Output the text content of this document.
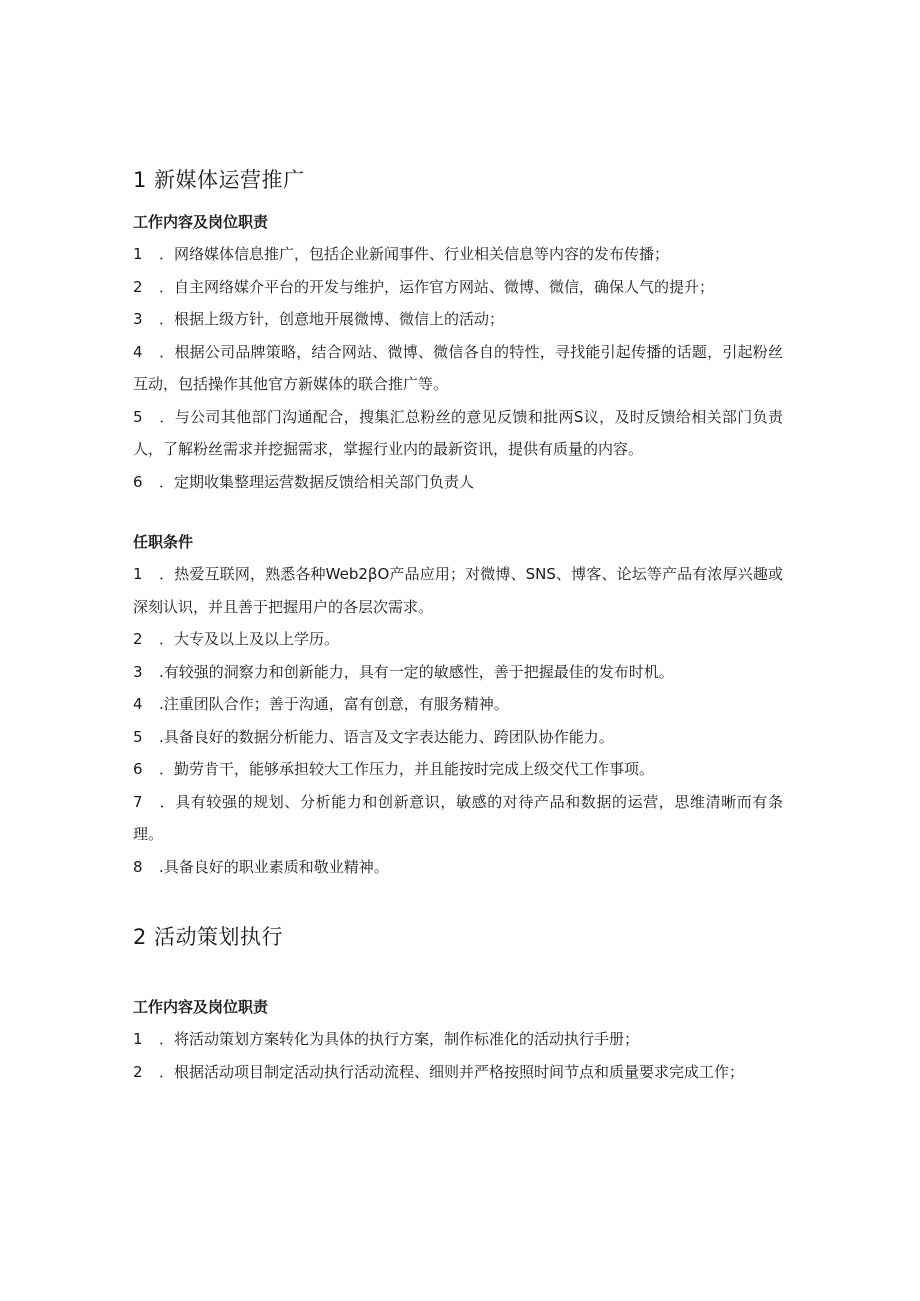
1 新媒体运营推广
工作内容及岗位职责

1 ．网络媒体信息推广，包括企业新闻事件、行业相关信息等内容的发布传播；

2 ．自主网络媒介平台的开发与维护，运作官方网站、微博、微信，确保人气的提升；

3 ．根据上级方针，创意地开展微博、微信上的活动；

4 ．根据公司品牌策略，结合网站、微博、微信各自的特性，寻找能引起传播的话题，引起粉丝互动，包括操作其他官方新媒体的联合推广等。

5 ．与公司其他部门沟通配合，搜集汇总粉丝的意见反馈和批两S议，及时反馈给相关部门负责人，了解粉丝需求并挖掘需求，掌握行业内的最新资讯，提供有质量的内容。

6 ．定期收集整理运营数据反馈给相关部门负责人

任职条件

1 ．热爱互联网，熟悉各种Web2βO产品应用；对微博、SNS、博客、论坛等产品有浓厚兴趣或深刻认识，并且善于把握用户的各层次需求。

2 ．大专及以上及以上学历。

3 .有较强的洞察力和创新能力，具有一定的敏感性，善于把握最佳的发布时机。

4 .注重团队合作；善于沟通，富有创意，有服务精神。

5 .具备良好的数据分析能力、语言及文字表达能力、跨团队协作能力。

6 ．勤劳肯干，能够承担较大工作压力，并且能按时完成上级交代工作事项。

7 ．具有较强的规划、分析能力和创新意识，敏感的对待产品和数据的运营，思维清晰而有条理。

8 .具备良好的职业素质和敬业精神。

2 活动策划执行
工作内容及岗位职责

1 ．将活动策划方案转化为具体的执行方案，制作标准化的活动执行手册；

2 ．根据活动项目制定活动执行活动流程、细则并严格按照时间节点和质量要求完成工作；
